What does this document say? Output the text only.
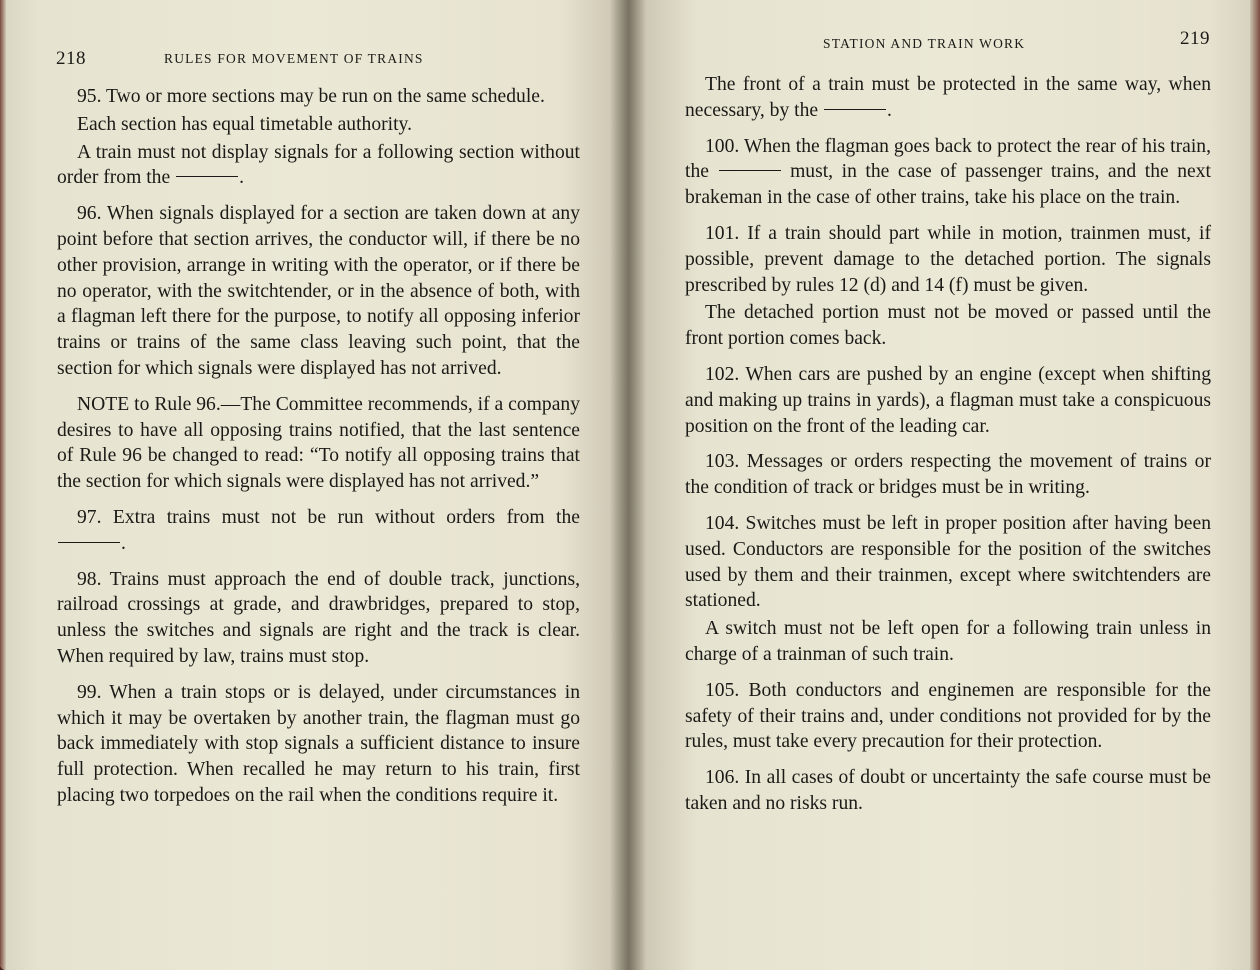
218	RULES FOR MOVEMENT OF TRAINS

95. Two or more sections may be run on the same schedule.

Each section has equal timetable authority.

A train must not display signals for a following section without order from the	.

96. When signals displayed for a section are taken down at any point before that section arrives, the conductor will, if there be no other provision, arrange in writing with the operator, or if there be no operator, with the switchtender, or in the absence of both, with a flagman left there for the purpose, to notify all opposing inferior trains or trains of the same class leaving such point, that the section for which signals were displayed has not arrived.

NOTE to Rule 96.—The Committee recommends, if a company desires to have all opposing trains notified, that the last sentence of Rule 96 be changed to read: “To notify all opposing trains that the section for which signals were displayed has not arrived.”

97. Extra trains must not be run without orders from the .

98. Trains must approach the end of double track, junctions, railroad crossings at grade, and drawbridges, prepared to stop, unless the switches and signals are right and the track is clear. When required by law, trains must stop.

99. When a train stops or is delayed, under circumstances in which it may be overtaken by another train, the flagman must go back immediately with stop signals a sufficient distance to insure full protection. When recalled he may return to his train, first placing two torpedoes on the rail when the conditions require it.

STATION AND TRAIN WORK	219

The front of a train must be protected in the same way, when necessary, by the	.

100. When the flagman goes back to protect the rear of his train, the	must, in the case of passenger trains, and the next brakeman in the case of other trains, take his place on the train.

101. If a train should part while in motion, trainmen must, if possible, prevent damage to the detached portion. The signals prescribed by rules 12 (d) and 14 (f) must be given.

The detached portion must not be moved or passed until the front portion comes back.

102. When cars are pushed by an engine (except when shifting and making up trains in yards), a flagman must take a conspicuous position on the front of the leading car.

103. Messages or orders respecting the movement of trains or the condition of track or bridges must be in writing.

104. Switches must be left in proper position after having been used. Conductors are responsible for the position of the switches used by them and their trainmen, except where switchtenders are stationed.

A switch must not be left open for a following train unless in charge of a trainman of such train.

105. Both conductors and enginemen are responsible for the safety of their trains and, under conditions not provided for by the rules, must take every precaution for their protection.

106. In all cases of doubt or uncertainty the safe course must be taken and no risks run.
